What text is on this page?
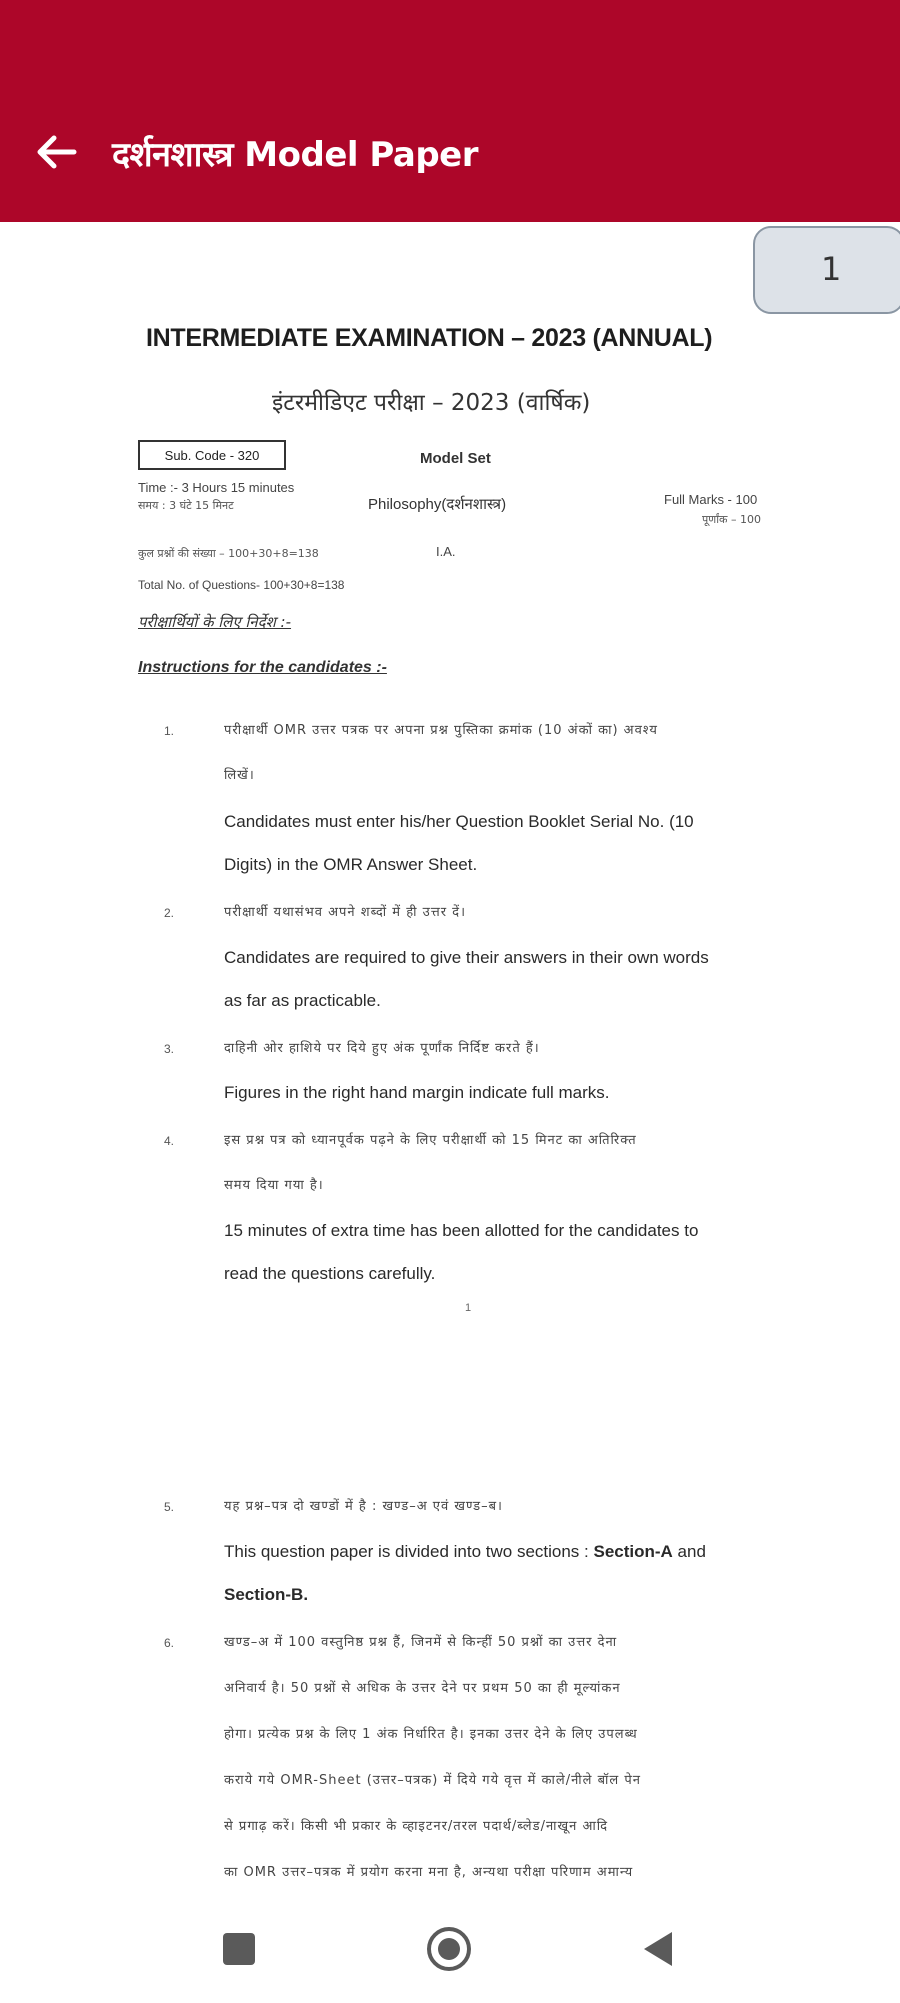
दर्शनशास्त्र Model Paper
INTERMEDIATE EXAMINATION – 2023 (ANNUAL)
इंटरमीडिएट परीक्षा – 2023 (वार्षिक)
Sub. Code - 320	Model Set
Time :- 3 Hours 15 minutes
समय : 3 घंटे 15 मिनट	Philosophy(दर्शनशास्त्र)	Full Marks - 100
पूर्णांक – 100
कुल प्रश्नों की संख्या – 100+30+8=138	I.A.
Total No. of Questions- 100+30+8=138
परीक्षार्थियों के लिए निर्देश :-
Instructions for the candidates :-
1.	परीक्षार्थी OMR उत्तर पत्रक पर अपना प्रश्न पुस्तिका क्रमांक (10 अंकों का) अवश्य
लिखें।
Candidates must enter his/her Question Booklet Serial No. (10
Digits) in the OMR Answer Sheet.
2.	परीक्षार्थी यथासंभव अपने शब्दों में ही उत्तर दें।
Candidates are required to give their answers in their own words
as far as practicable.
3.	दाहिनी ओर हाशिये पर दिये हुए अंक पूर्णांक निर्दिष्ट करते हैं।
Figures in the right hand margin indicate full marks.
4.	इस प्रश्न पत्र को ध्यानपूर्वक पढ़ने के लिए परीक्षार्थी को 15 मिनट का अतिरिक्त
समय दिया गया है।
15 minutes of extra time has been allotted for the candidates to
read the questions carefully.
1
5.	यह प्रश्न–पत्र दो खण्डों में है : खण्ड–अ एवं खण्ड–ब।
This question paper is divided into two sections : Section-A and
Section-B.
6.	खण्ड–अ में 100 वस्तुनिष्ठ प्रश्न हैं, जिनमें से किन्हीं 50 प्रश्नों का उत्तर देना
अनिवार्य है। 50 प्रश्नों से अधिक के उत्तर देने पर प्रथम 50 का ही मूल्यांकन
होगा। प्रत्येक प्रश्न के लिए 1 अंक निर्धारित है। इनका उत्तर देने के लिए उपलब्ध
कराये गये OMR-Sheet (उत्तर–पत्रक) में दिये गये वृत्त में काले/नीले बॉल पेन
से प्रगाढ़ करें। किसी भी प्रकार के व्हाइटनर/तरल पदार्थ/ब्लेड/नाखून आदि
का OMR उत्तर–पत्रक में प्रयोग करना मना है, अन्यथा परीक्षा परिणाम अमान्य
1
